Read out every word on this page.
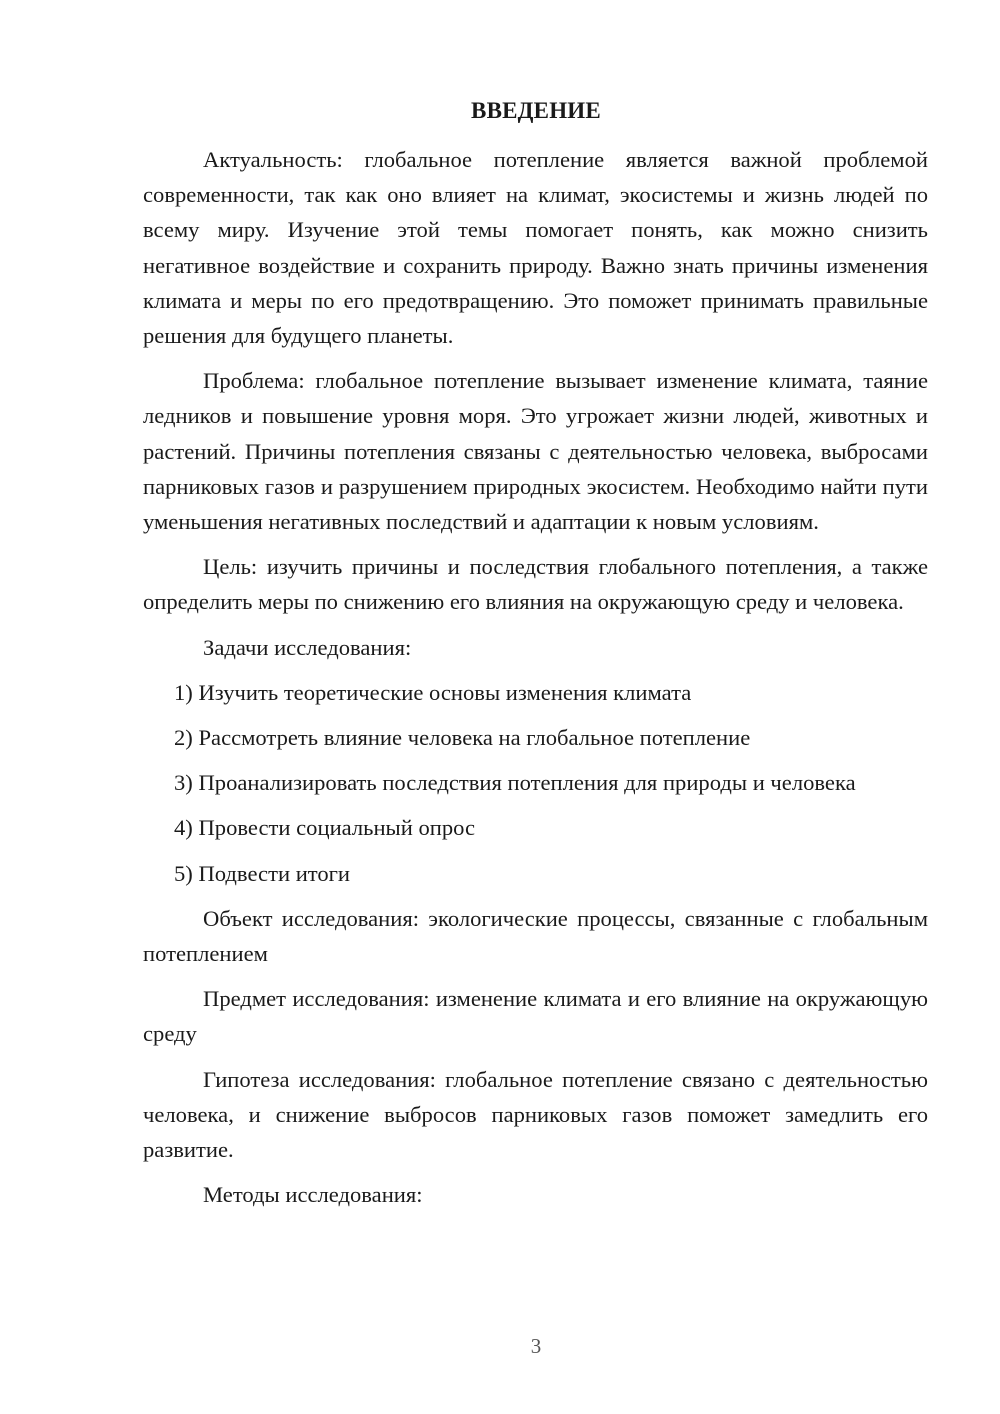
ВВЕДЕНИЕ

Актуальность: глобальное потепление является важной проблемой современности, так как оно влияет на климат, экосистемы и жизнь людей по всему миру. Изучение этой темы помогает понять, как можно снизить негативное воздействие и сохранить природу. Важно знать причины изменения климата и меры по его предотвращению. Это поможет принимать правильные решения для будущего планеты.

Проблема: глобальное потепление вызывает изменение климата, таяние ледников и повышение уровня моря. Это угрожает жизни людей, животных и растений. Причины потепления связаны с деятельностью человека, выбросами парниковых газов и разрушением природных экосистем. Необходимо найти пути уменьшения негативных последствий и адаптации к новым условиям.

Цель: изучить причины и последствия глобального потепления, а также определить меры по снижению его влияния на окружающую среду и человека.

Задачи исследования:

1) Изучить теоретические основы изменения климата

2) Рассмотреть влияние человека на глобальное потепление

3) Проанализировать последствия потепления для природы и человека

4) Провести социальный опрос

5) Подвести итоги

Объект исследования: экологические процессы, связанные с глобальным потеплением

Предмет исследования: изменение климата и его влияние на окружающую среду

Гипотеза исследования: глобальное потепление связано с деятельностью человека, и снижение выбросов парниковых газов поможет замедлить его развитие.

Методы исследования:

3
